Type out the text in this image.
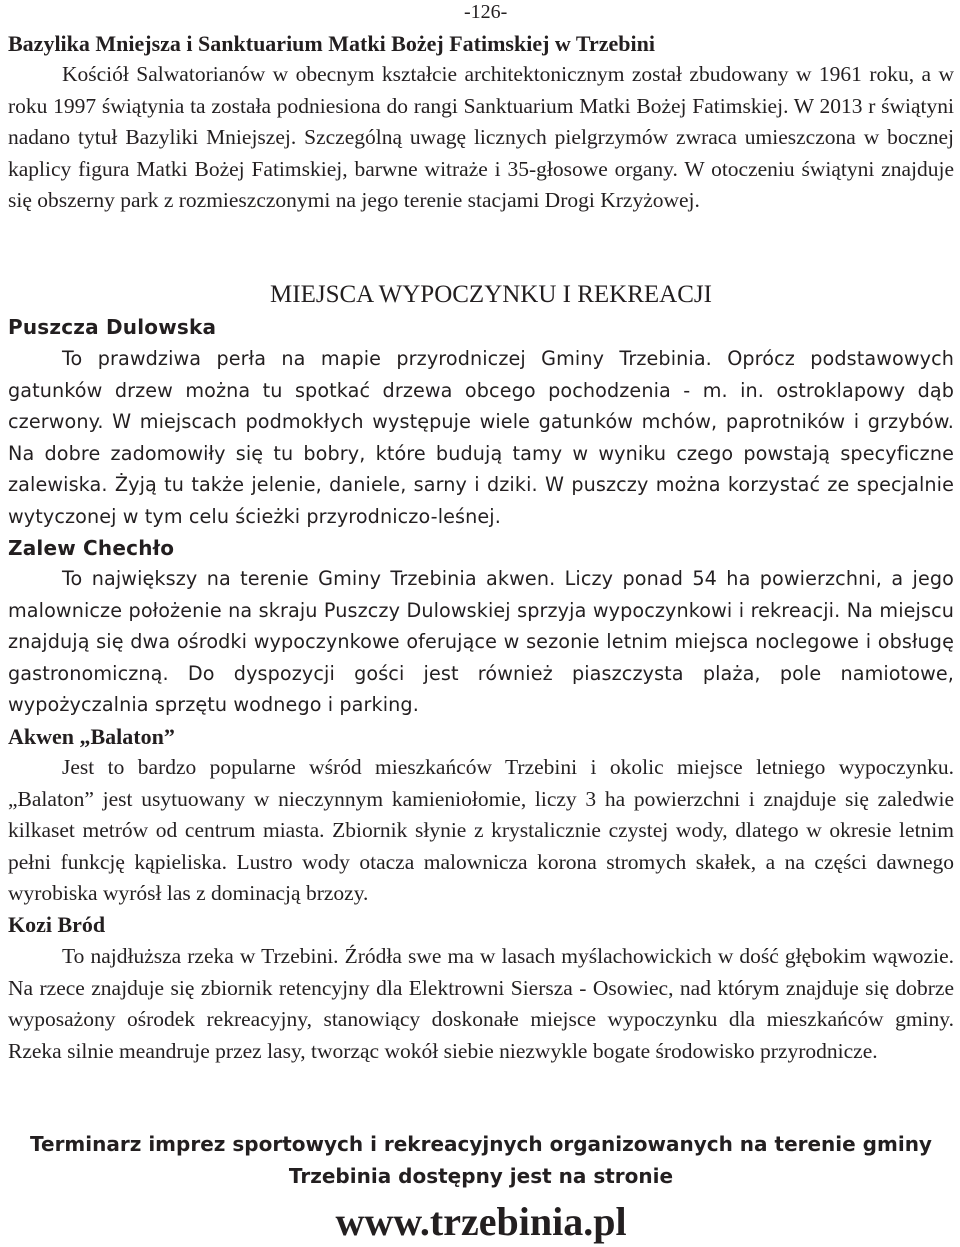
-126-
Bazylika Mniejsza i Sanktuarium Matki Bożej Fatimskiej w Trzebini

Kościół Salwatorianów w obecnym kształcie architektonicznym został zbudowany w 1961 roku, a w roku 1997 świątynia ta została podniesiona do rangi Sanktuarium Matki Bożej Fatimskiej. W 2013 r świątyni nadano tytuł Bazyliki Mniejszej. Szczególną uwagę licznych pielgrzymów zwraca umieszczona w bocznej kaplicy figura Matki Bożej Fatimskiej, barwne witraże i 35-głosowe organy. W otoczeniu świątyni znajduje się obszerny park z rozmieszczonymi na jego terenie stacjami Drogi Krzyżowej.

MIEJSCA WYPOCZYNKU I REKREACJI
Puszcza Dulowska

To prawdziwa perła na mapie przyrodniczej Gminy Trzebinia. Oprócz podstawowych gatunków drzew można tu spotkać drzewa obcego pochodzenia - m. in. ostroklapowy dąb czerwony. W miejscach podmokłych występuje wiele gatunków mchów, paprotników i grzybów. Na dobre zadomowiły się tu bobry, które budują tamy w wyniku czego powstają specyficzne zalewiska. Żyją tu także jelenie, daniele, sarny i dziki. W puszczy można korzystać ze specjalnie wytyczonej w tym celu ścieżki przyrodniczo-leśnej.

Zalew Chechło

To największy na terenie Gminy Trzebinia akwen. Liczy ponad 54 ha powierzchni, a jego malownicze położenie na skraju Puszczy Dulowskiej sprzyja wypoczynkowi i rekreacji. Na miejscu znajdują się dwa ośrodki wypoczynkowe oferujące w sezonie letnim miejsca noclegowe i obsługę gastronomiczną. Do dyspozycji gości jest również piaszczysta plaża, pole namiotowe, wypożyczalnia sprzętu wodnego i parking.

Akwen „Balaton”

Jest to bardzo popularne wśród mieszkańców Trzebini i okolic miejsce letniego wypoczynku. „Balaton” jest usytuowany w nieczynnym kamieniołomie, liczy 3 ha powierzchni i znajduje się zaledwie kilkaset metrów od centrum miasta. Zbiornik słynie z krystalicznie czystej wody, dlatego w okresie letnim pełni funkcję kąpieliska. Lustro wody otacza malownicza korona stromych skałek, a na części dawnego wyrobiska wyrósł las z dominacją brzozy.

Kozi Bród

To najdłuższa rzeka w Trzebini. Źródła swe ma w lasach myślachowickich w dość głębokim wąwozie. Na rzece znajduje się zbiornik retencyjny dla Elektrowni Siersza - Osowiec, nad którym znajduje się dobrze wyposażony ośrodek rekreacyjny, stanowiący doskonałe miejsce wypoczynku dla mieszkańców gminy. Rzeka silnie meandruje przez lasy, tworząc wokół siebie niezwykle bogate środowisko przyrodnicze.

Terminarz imprez sportowych i rekreacyjnych organizowanych na terenie gminy
Trzebinia dostępny jest na stronie
www.trzebinia.pl
